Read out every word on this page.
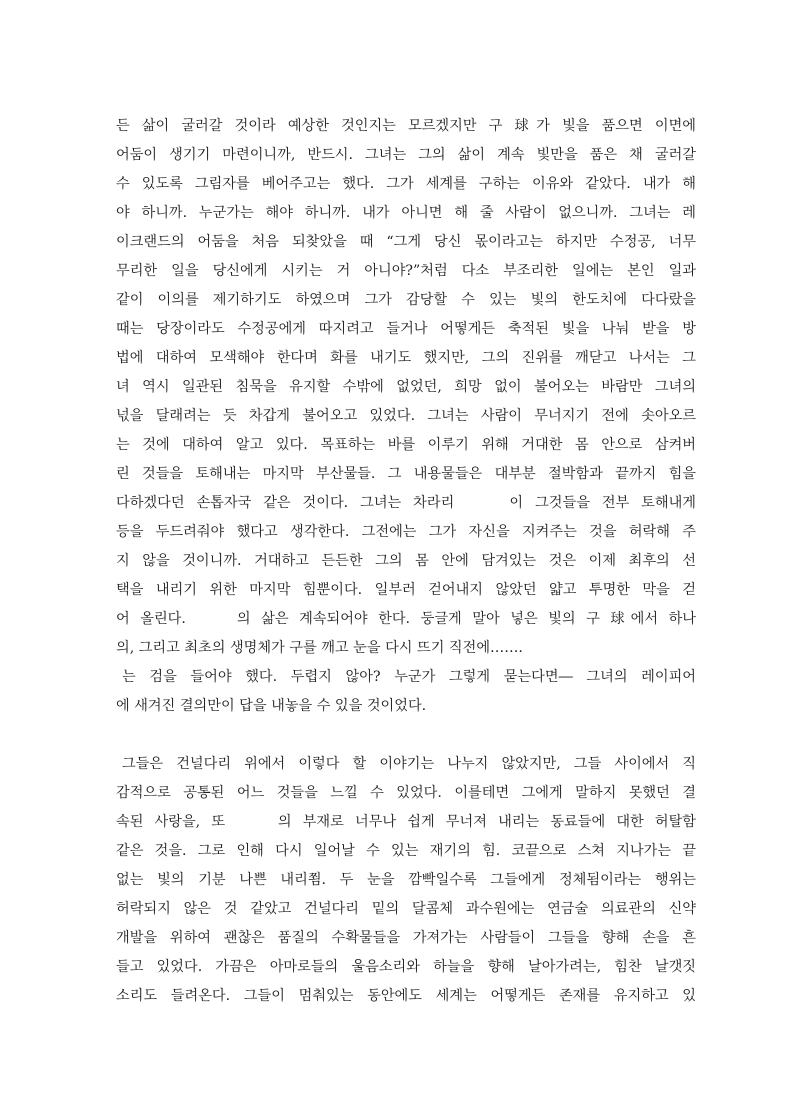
든 삶이 굴러갈 것이라 예상한 것인지는 모르겠지만 구 球가 빛을 품으면 이면에
어둠이 생기기 마련이니까, 반드시. 그녀는 그의 삶이 계속 빛만을 품은 채 굴러갈
수 있도록 그림자를 베어주고는 했다. 그가 세계를 구하는 이유와 같았다. 내가 해
야 하니까. 누군가는 해야 하니까. 내가 아니면 해 줄 사람이 없으니까. 그녀는 레
이크랜드의 어둠을 처음 되찾았을 때 “그게 당신 몫이라고는 하지만 수정공, 너무
무리한 일을 당신에게 시키는 거 아니야?”처럼 다소 부조리한 일에는 본인 일과
같이 이의를 제기하기도 하였으며 그가 감당할 수 있는 빛의 한도치에 다다랐을
때는 당장이라도 수정공에게 따지려고 들거나 어떻게든 축적된 빛을 나눠 받을 방
법에 대하여 모색해야 한다며 화를 내기도 했지만, 그의 진위를 깨닫고 나서는 그
녀 역시 일관된 침묵을 유지할 수밖에 없었던, 희망 없이 불어오는 바람만 그녀의
넋을 달래려는 듯 차갑게 불어오고 있었다. 그녀는 사람이 무너지기 전에 솟아오르
는 것에 대하여 알고 있다. 목표하는 바를 이루기 위해 거대한 몸 안으로 삼켜버
린 것들을 토해내는 마지막 부산물들. 그 내용물들은 대부분 절박함과 끝까지 힘을
다하겠다던 손톱자국 같은 것이다. 그녀는 차라리 　　이 그것들을 전부 토해내게
등을 두드려줘야 했다고 생각한다. 그전에는 그가 자신을 지켜주는 것을 허락해 주
지 않을 것이니까. 거대하고 든든한 그의 몸 안에 담겨있는 것은 이제 최후의 선
택을 내리기 위한 마지막 힘뿐이다. 일부러 걷어내지 않았던 얇고 투명한 막을 걷
어 올린다. 　　의 삶은 계속되어야 한다. 둥글게 말아 넣은 빛의 구 球에서 하나
의, 그리고 최초의 생명체가 구를 깨고 눈을 다시 뜨기 직전에…….
는 검을 들어야 했다. 두렵지 않아? 누군가 그렇게 묻는다면― 그녀의 레이피어
에 새겨진 결의만이 답을 내놓을 수 있을 것이었다.
그들은 건널다리 위에서 이렇다 할 이야기는 나누지 않았지만, 그들 사이에서 직
감적으로 공통된 어느 것들을 느낄 수 있었다. 이를테면 그에게 말하지 못했던 결
속된 사랑을, 또 　　의 부재로 너무나 쉽게 무너져 내리는 동료들에 대한 허탈함
같은 것을. 그로 인해 다시 일어날 수 있는 재기의 힘. 코끝으로 스쳐 지나가는 끝
없는 빛의 기분 나쁜 내리쬠. 두 눈을 깜빡일수록 그들에게 정체됨이라는 행위는
허락되지 않은 것 같았고 건널다리 밑의 달콤체 과수원에는 연금술 의료관의 신약
개발을 위하여 괜찮은 품질의 수확물들을 가져가는 사람들이 그들을 향해 손을 흔
들고 있었다. 가끔은 아마로들의 울음소리와 하늘을 향해 날아가려는, 힘찬 날갯짓
소리도 들려온다. 그들이 멈춰있는 동안에도 세계는 어떻게든 존재를 유지하고 있
